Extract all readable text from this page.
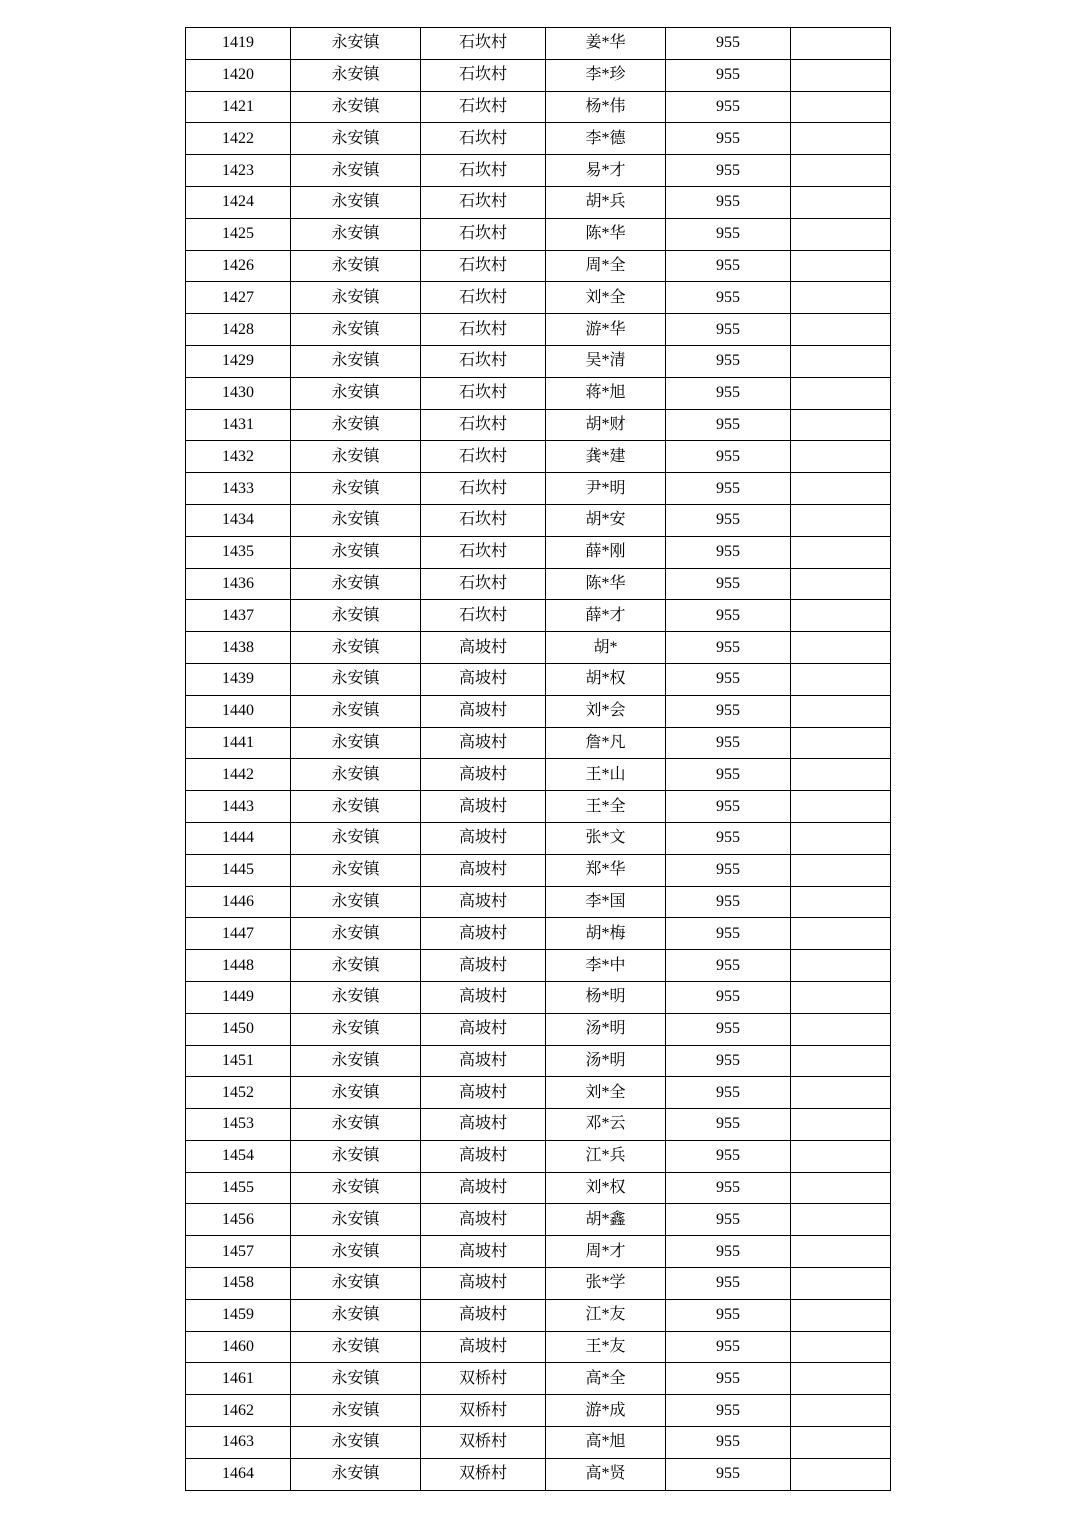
1419	永安镇	石坎村	姜*华	955	
1420	永安镇	石坎村	李*珍	955	
1421	永安镇	石坎村	杨*伟	955	
1422	永安镇	石坎村	李*德	955	
1423	永安镇	石坎村	易*才	955	
1424	永安镇	石坎村	胡*兵	955	
1425	永安镇	石坎村	陈*华	955	
1426	永安镇	石坎村	周*全	955	
1427	永安镇	石坎村	刘*全	955	
1428	永安镇	石坎村	游*华	955	
1429	永安镇	石坎村	吴*清	955	
1430	永安镇	石坎村	蒋*旭	955	
1431	永安镇	石坎村	胡*财	955	
1432	永安镇	石坎村	龚*建	955	
1433	永安镇	石坎村	尹*明	955	
1434	永安镇	石坎村	胡*安	955	
1435	永安镇	石坎村	薛*刚	955	
1436	永安镇	石坎村	陈*华	955	
1437	永安镇	石坎村	薛*才	955	
1438	永安镇	高坡村	胡*	955	
1439	永安镇	高坡村	胡*权	955	
1440	永安镇	高坡村	刘*会	955	
1441	永安镇	高坡村	詹*凡	955	
1442	永安镇	高坡村	王*山	955	
1443	永安镇	高坡村	王*全	955	
1444	永安镇	高坡村	张*文	955	
1445	永安镇	高坡村	郑*华	955	
1446	永安镇	高坡村	李*国	955	
1447	永安镇	高坡村	胡*梅	955	
1448	永安镇	高坡村	李*中	955	
1449	永安镇	高坡村	杨*明	955	
1450	永安镇	高坡村	汤*明	955	
1451	永安镇	高坡村	汤*明	955	
1452	永安镇	高坡村	刘*全	955	
1453	永安镇	高坡村	邓*云	955	
1454	永安镇	高坡村	江*兵	955	
1455	永安镇	高坡村	刘*权	955	
1456	永安镇	高坡村	胡*鑫	955	
1457	永安镇	高坡村	周*才	955	
1458	永安镇	高坡村	张*学	955	
1459	永安镇	高坡村	江*友	955	
1460	永安镇	高坡村	王*友	955	
1461	永安镇	双桥村	高*全	955	
1462	永安镇	双桥村	游*成	955	
1463	永安镇	双桥村	高*旭	955	
1464	永安镇	双桥村	高*贤	955	
